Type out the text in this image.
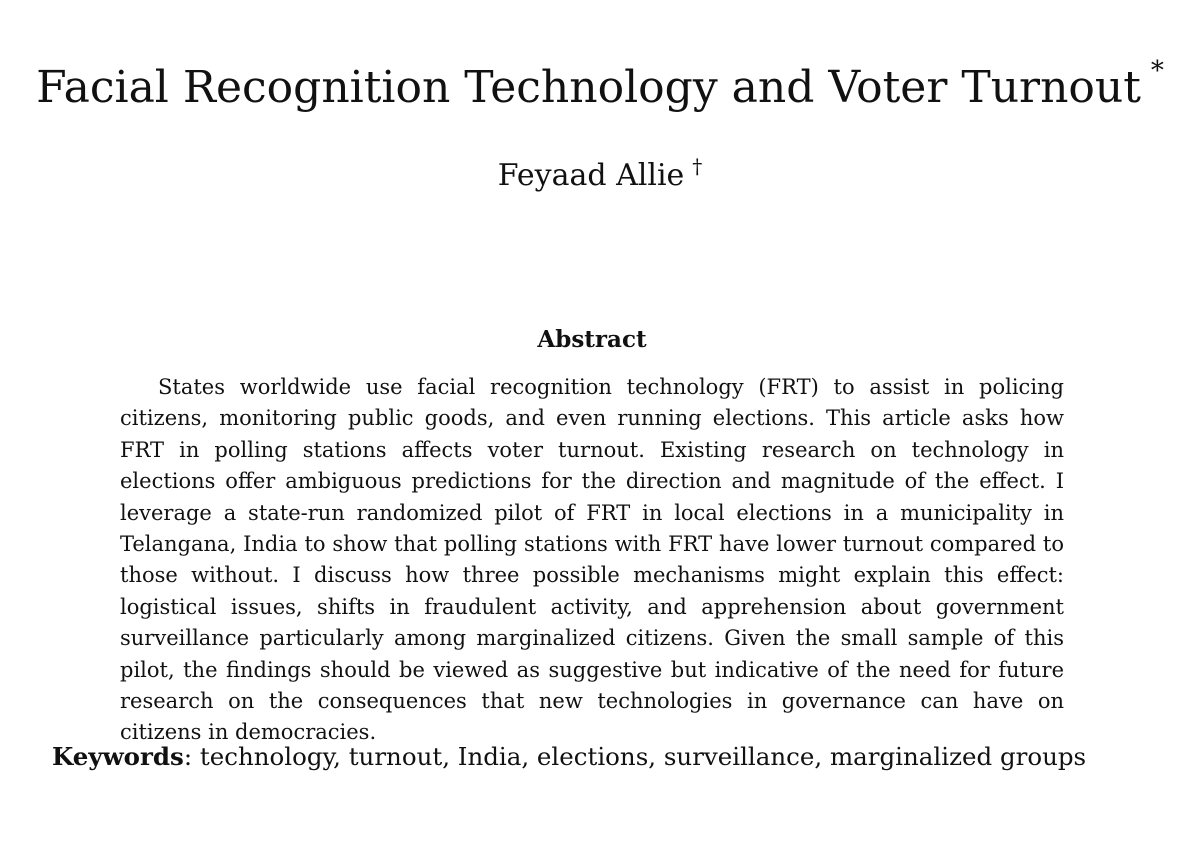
Facial Recognition Technology and Voter Turnout *
Feyaad Allie †
Abstract

States worldwide use facial recognition technology (FRT) to assist in policing citizens, monitoring public goods, and even running elections. This article asks how FRT in polling stations affects voter turnout. Existing research on technology in elections offer ambiguous predictions for the direction and magnitude of the effect. I leverage a state-run randomized pilot of FRT in local elections in a municipality in Telangana, India to show that polling stations with FRT have lower turnout compared to those without. I discuss how three possible mechanisms might explain this effect: logistical issues, shifts in fraudulent activity, and apprehension about government surveillance particularly among marginalized citizens. Given the small sample of this pilot, the findings should be viewed as suggestive but indicative of the need for future research on the consequences that new technologies in governance can have on citizens in democracies.

Keywords: technology, turnout, India, elections, surveillance, marginalized groups
